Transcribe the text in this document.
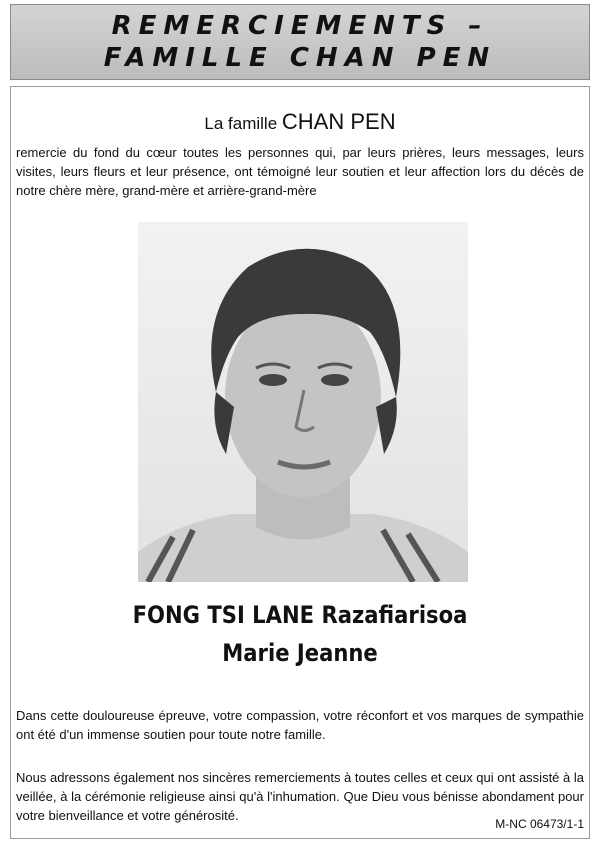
REMERCIEMENTS –
FAMILLE CHAN PEN
La famille CHAN PEN
remercie du fond du cœur toutes les personnes qui, par leurs prières, leurs messages, leurs visites, leurs fleurs et leur présence, ont témoigné leur soutien et leur affection lors du décès de notre chère mère, grand-mère et arrière-grand-mère
FONG TSI LANE Razafiarisoa
Marie Jeanne
Dans cette douloureuse épreuve, votre compassion, votre réconfort et vos marques de sympathie ont été d'un immense soutien pour toute notre famille.
Nous adressons également nos sincères remerciements à toutes celles et ceux qui ont assisté à la veillée, à la cérémonie religieuse ainsi qu'à l'inhumation. Que Dieu vous bénisse abondament pour votre bienveillance et votre générosité.
M-NC 06473/1-1
